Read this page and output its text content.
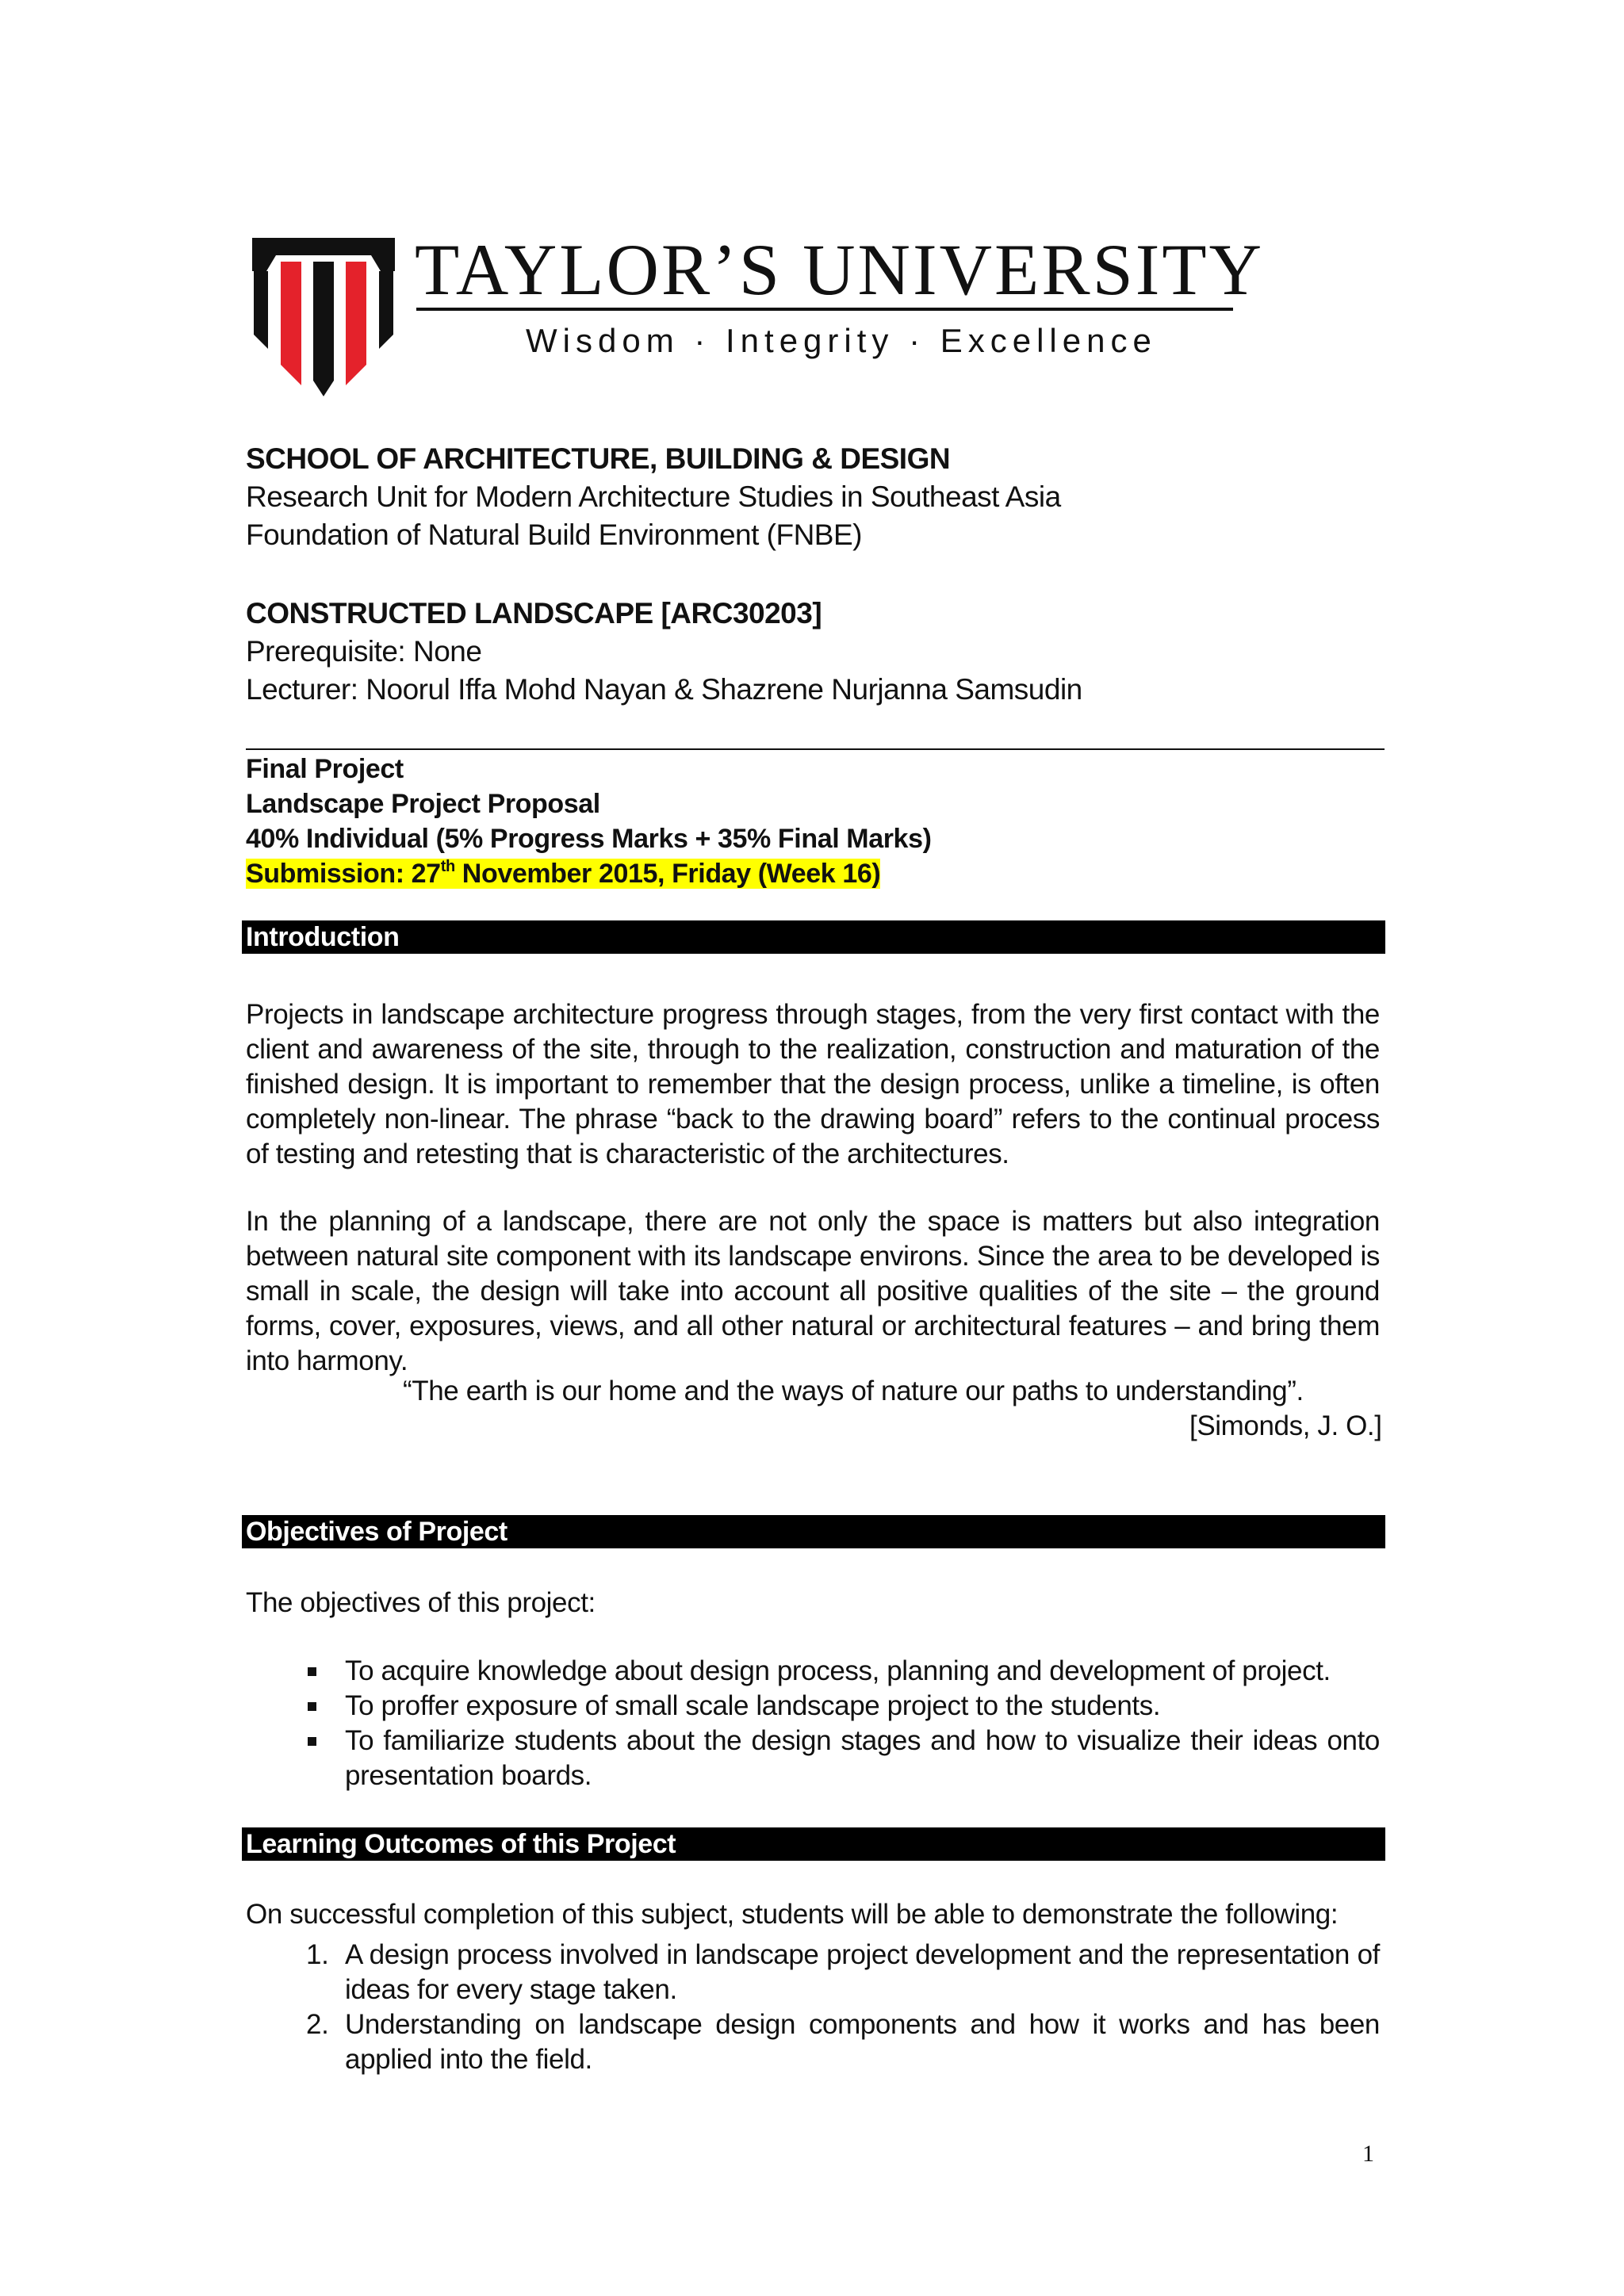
TAYLOR’S UNIVERSITY
Wisdom · Integrity · Excellence
SCHOOL OF ARCHITECTURE, BUILDING & DESIGN
Research Unit for Modern Architecture Studies in Southeast Asia
Foundation of Natural Build Environment (FNBE)
CONSTRUCTED LANDSCAPE [ARC30203]
Prerequisite: None
Lecturer: Noorul Iffa Mohd Nayan & Shazrene Nurjanna Samsudin
Final Project
Landscape Project Proposal
40% Individual (5% Progress Marks + 35% Final Marks)
Submission: 27th November 2015, Friday (Week 16)
Introduction

Projects in landscape architecture progress through stages, from the very first contact with the client and awareness of the site, through to the realization, construction and maturation of the finished design. It is important to remember that the design process, unlike a timeline, is often completely non-linear. The phrase “back to the drawing board” refers to the continual process of testing and retesting that is characteristic of the architectures.

In the planning of a landscape, there are not only the space is matters but also integration between natural site component with its landscape environs. Since the area to be developed is small in scale, the design will take into account all positive qualities of the site – the ground forms, cover, exposures, views, and all other natural or architectural features – and bring them into harmony.

“The earth is our home and the ways of nature our paths to understanding”.
[Simonds, J. O.]
Objectives of Project
The objectives of this project:
To acquire knowledge about design process, planning and development of project.
To proffer exposure of small scale landscape project to the students.
To familiarize students about the design stages and how to visualize their ideas onto presentation boards.
Learning Outcomes of this Project
On successful completion of this subject, students will be able to demonstrate the following:
1. A design process involved in landscape project development and the representation of ideas for every stage taken.
2. Understanding on landscape design components and how it works and has been applied into the field.
1
